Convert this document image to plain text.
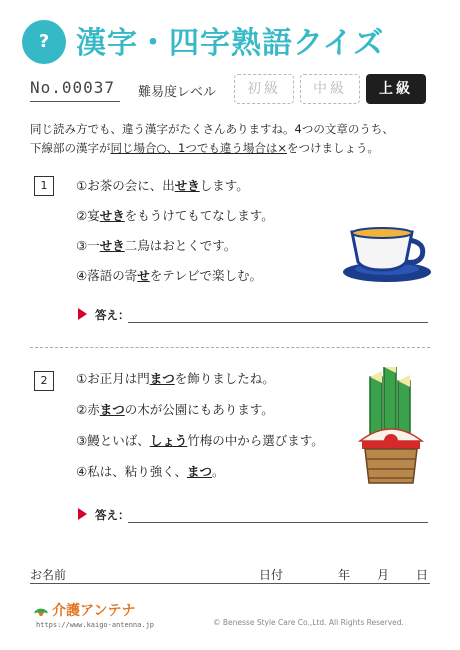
? 漢字・四字熟語クイズ
No.00037 難易度レベル	初級	中級	上級
同じ読み方でも、違う漢字がたくさんありますね。4つの文章のうち、
下線部の漢字が同じ場合○、1つでも違う場合は×をつけましょう。
1	①お茶の会に、出せきします。
②宴せきをもうけてもてなします。
③一せき二鳥はおとくです。
④落語の寄せをテレビで楽しむ。
答え：
2	①お正月は門まつを飾りましたね。
②赤まつの木が公園にもあります。
③鰻といば、しょう竹梅の中から選びます。
④私は、粘り強く、まつ。
答え：
お名前	日付	年 月 日
介護アンテナ
https://www.kaigo-antenna.jp	© Benesse Style Care Co.,Ltd. All Rights Reserved.
